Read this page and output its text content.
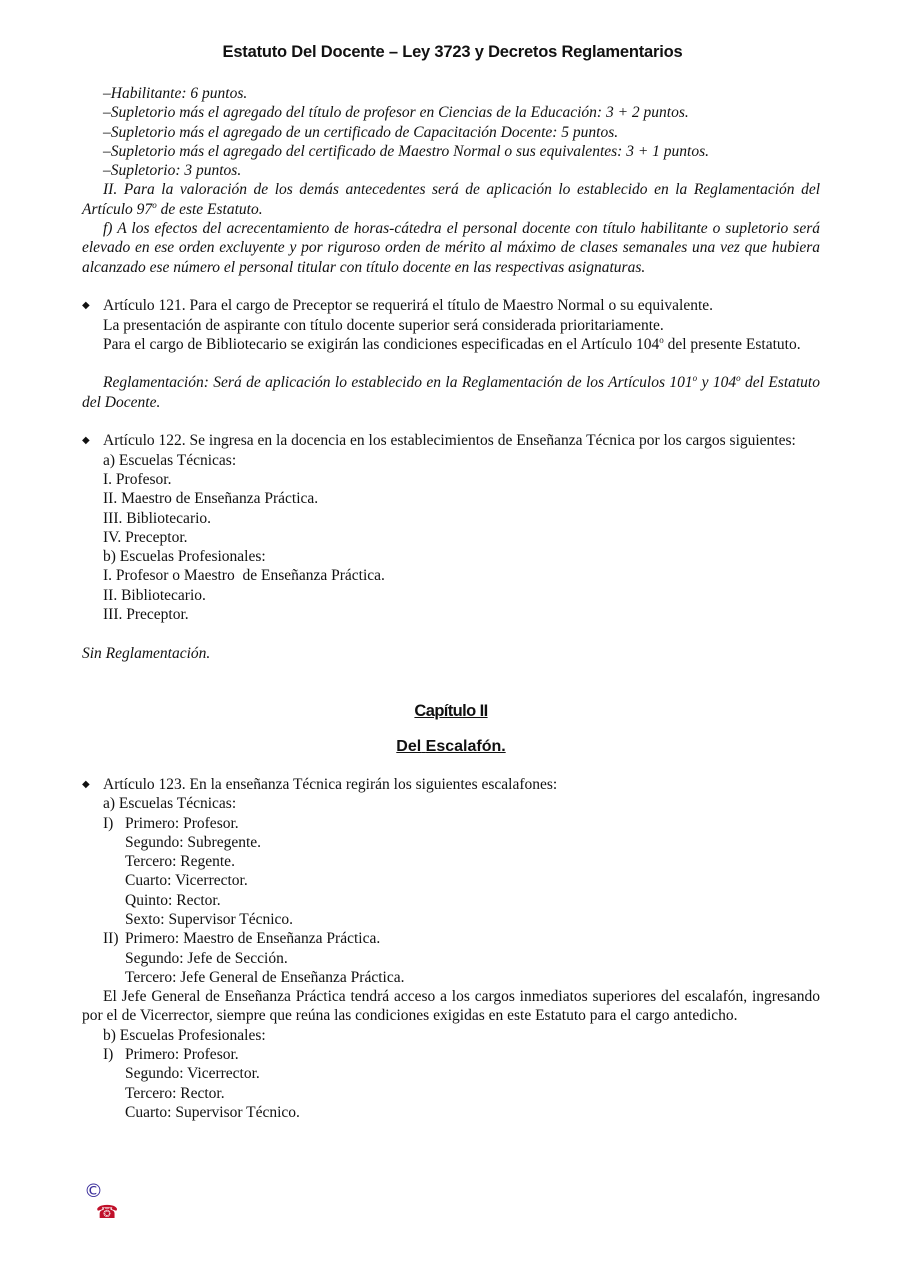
Estatuto Del Docente – Ley 3723 y Decretos Reglamentarios

–Habilitante: 6 puntos.

–Supletorio más el agregado del título de profesor en Ciencias de la Educación: 3 + 2 puntos.

–Supletorio más el agregado de un certificado de Capacitación Docente: 5 puntos.

–Supletorio más el agregado del certificado de Maestro Normal o sus equivalentes: 3 + 1 puntos.

–Supletorio: 3 puntos.

II. Para la valoración de los demás antecedentes será de aplicación lo establecido en la Reglamentación del Artículo 97$^o$ de este Estatuto.

f) A los efectos del acrecentamiento de horas-cátedra el personal docente con título habilitante o supletorio será elevado en ese orden excluyente y por riguroso orden de mérito al máximo de clases semanales una vez que hubiera alcanzado ese número el personal titular con título docente en las respectivas asignaturas.

◆ Artículo 121. Para el cargo de Preceptor se requerirá el título de Maestro Normal o su equivalente.

La presentación de aspirante con título docente superior será considerada prioritariamente.

Para el cargo de Bibliotecario se exigirán las condiciones especificadas en el Artículo 104$^o$ del presente Estatuto.

Reglamentación: Será de aplicación lo establecido en la Reglamentación de los Artículos 101$^o$ y 104$^o$ del Estatuto del Docente.

◆ Artículo 122. Se ingresa en la docencia en los establecimientos de Enseñanza Técnica por los cargos siguientes:

a) Escuelas Técnicas:

I. Profesor.

II. Maestro de Enseñanza Práctica.

III. Bibliotecario.

IV. Preceptor.

b) Escuelas Profesionales:

I. Profesor o Maestro  de Enseñanza Práctica.

II. Bibliotecario.

III. Preceptor.

Sin Reglamentación.

Capítulo II
Del Escalafón.

◆ Artículo 123. En la enseñanza Técnica regirán los siguientes escalafones:

a) Escuelas Técnicas:

I) Primero: Profesor.

Segundo: Subregente.

Tercero: Regente.

Cuarto: Vicerrector.

Quinto: Rector.

Sexto: Supervisor Técnico.

II) Primero: Maestro de Enseñanza Práctica.

Segundo: Jefe de Sección.

Tercero: Jefe General de Enseñanza Práctica.

El Jefe General de Enseñanza Práctica tendrá acceso a los cargos inmediatos superiores del escalafón, ingresando por el de Vicerrector, siempre que reúna las condiciones exigidas en este Estatuto para el cargo antedicho.

b) Escuelas Profesionales:

I) Primero: Profesor.

Segundo: Vicerrector.

Tercero: Rector.

Cuarto: Supervisor Técnico.

©
☎
